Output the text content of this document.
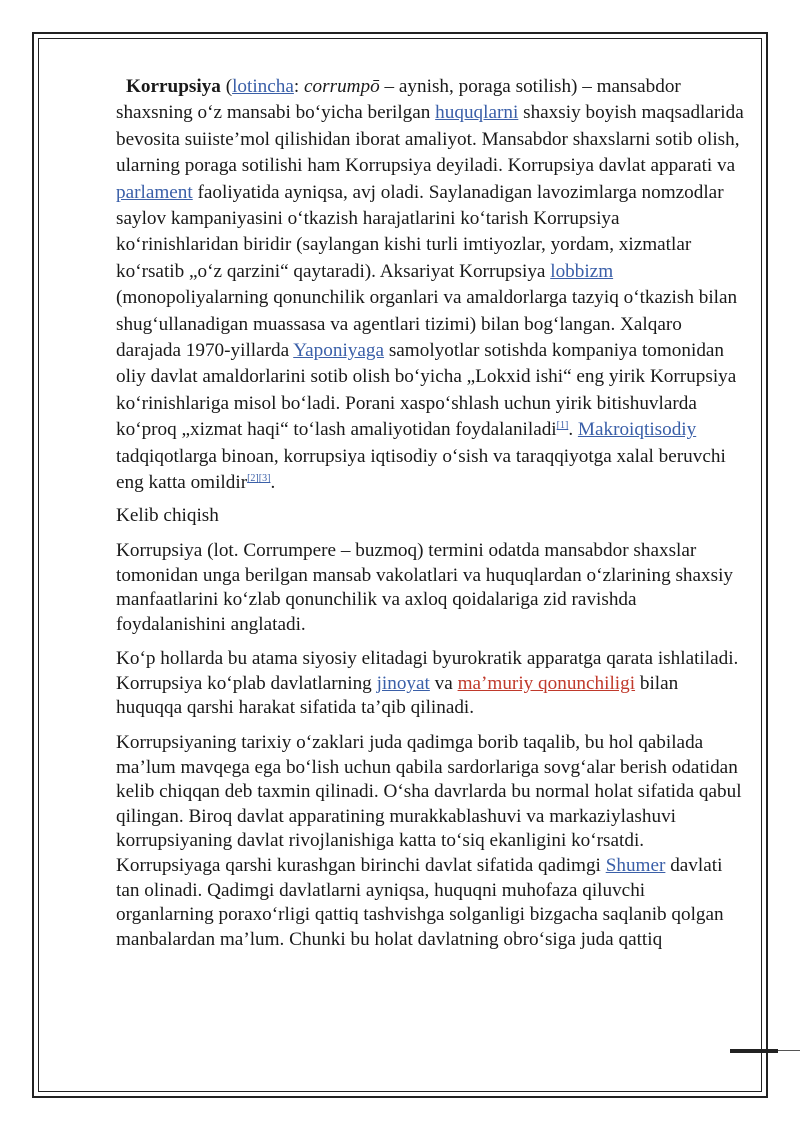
Korrupsiya (lotincha: corrumpō – aynish, poraga sotilish) – mansabdor shaxsning o‘z mansabi bo‘yicha berilgan huquqlarni shaxsiy boyish maqsadlarida bevosita suiiste’mol qilishidan iborat amaliyot. Mansabdor shaxslarni sotib olish, ularning poraga sotilishi ham Korrupsiya deyiladi. Korrupsiya davlat apparati va parlament faoliyatida ayniqsa, avj oladi. Saylanadigan lavozimlarga nomzodlar saylov kampaniyasini o‘tkazish harajatlarini ko‘tarish Korrupsiya ko‘rinishlaridan biridir (saylangan kishi turli imtiyozlar, yordam, xizmatlar ko‘rsatib „o‘z qarzini“ qaytaradi). Aksariyat Korrupsiya lobbizm (monopoliyalarning qonunchilik organlari va amaldorlarga tazyiq o‘tkazish bilan shug‘ullanadigan muassasa va agentlari tizimi) bilan bog‘langan. Xalqaro darajada 1970-yillarda Yaponiyaga samolyotlar sotishda kompaniya tomonidan oliy davlat amaldorlarini sotib olish bo‘yicha „Lokxid ishi“ eng yirik Korrupsiya ko‘rinishlariga misol bo‘ladi. Porani xaspo‘shlash uchun yirik bitishuvlarda ko‘proq „xizmat haqi“ to‘lash amaliyotidan foydalaniladi[1]. Makroiqtisodiy tadqiqotlarga binoan, korrupsiya iqtisodiy o‘sish va taraqqiyotga xalal beruvchi eng katta omildir[2][3].

Kelib chiqish

Korrupsiya (lot. Corrumpere – buzmoq) termini odatda mansabdor shaxslar tomonidan unga berilgan mansab vakolatlari va huquqlardan o‘zlarining shaxsiy manfaatlarini ko‘zlab qonunchilik va axloq qoidalariga zid ravishda foydalanishini anglatadi.

Ko‘p hollarda bu atama siyosiy elitadagi byurokratik apparatga qarata ishlatiladi. Korrupsiya ko‘plab davlatlarning jinoyat va ma’muriy qonunchiligi bilan huquqqa qarshi harakat sifatida ta’qib qilinadi.

Korrupsiyaning tarixiy o‘zaklari juda qadimga borib taqalib, bu hol qabilada ma’lum mavqega ega bo‘lish uchun qabila sardorlariga sovg‘alar berish odatidan kelib chiqqan deb taxmin qilinadi. O‘sha davrlarda bu normal holat sifatida qabul qilingan. Biroq davlat apparatining murakkablashuvi va markaziylashuvi korrupsiyaning davlat rivojlanishiga katta to‘siq ekanligini ko‘rsatdi. Korrupsiyaga qarshi kurashgan birinchi davlat sifatida qadimgi Shumer davlati tan olinadi. Qadimgi davlatlarni ayniqsa, huquqni muhofaza qiluvchi organlarning poraxo‘rligi qattiq tashvishga solganligi bizgacha saqlanib qolgan manbalardan ma’lum. Chunki bu holat davlatning obro‘siga juda qattiq
